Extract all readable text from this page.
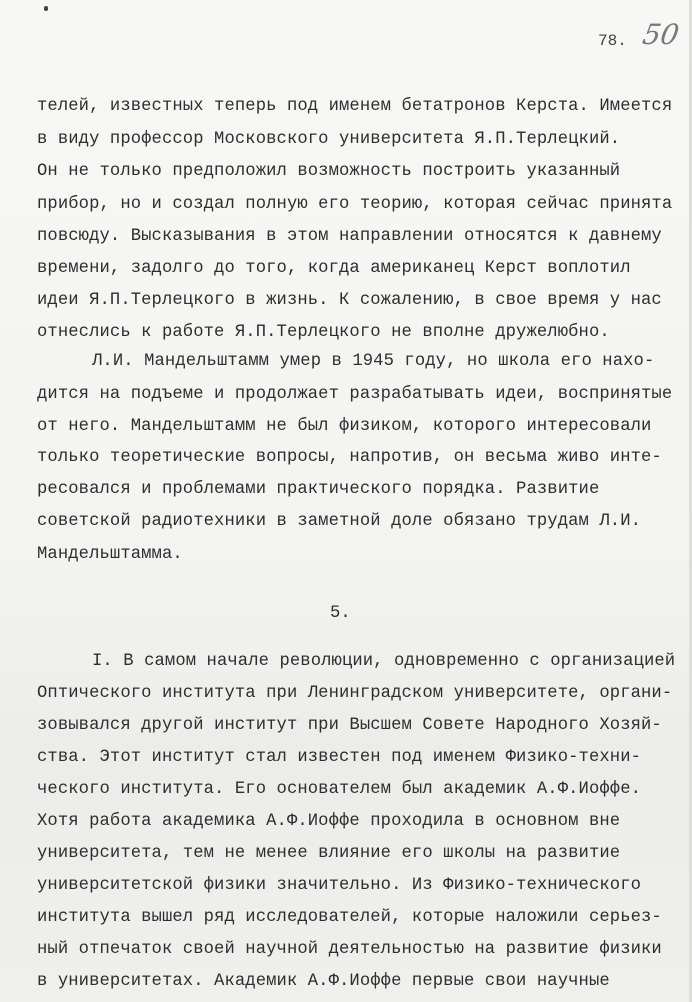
78. 50
телей, известных теперь под именем бетатронов Керста. Имеется
в виду профессор Московского университета Я.П.Терлецкий.
Он не только предположил возможность построить указанный
прибор, но и создал полную его теорию, которая сейчас принята
повсюду. Высказывания в этом направлении относятся к давнему
времени, задолго до того, когда американец Керст воплотил
идеи Я.П.Терлецкого в жизнь. К сожалению, в свое время у нас
отнеслись к работе Я.П.Терлецкого не вполне дружелюбно.
Л.И. Мандельштамм умер в 1945 году, но школа его нахо-
дится на подъеме и продолжает разрабатывать идеи, воспринятые
от него. Мандельштамм не был физиком, которого интересовали
только теоретические вопросы, напротив, он весьма живо инте-
ресовался и проблемами практического порядка. Развитие
советской радиотехники в заметной доле обязано трудам Л.И.
Мандельштамма.
5.
I. В самом начале революции, одновременно с организацией
Оптического института при Ленинградском университете, органи-
зовывался другой институт при Высшем Совете Народного Хозяй-
ства. Этот институт стал известен под именем Физико-техни-
ческого института. Его основателем был академик А.Ф.Иоффе.
Хотя работа академика А.Ф.Иоффе проходила в основном вне
университета, тем не менее влияние его школы на развитие
университетской физики значительно. Из Физико-технического
института вышел ряд исследователей, которые наложили серьез-
ный отпечаток своей научной деятельностью на развитие физики
в университетах. Академик А.Ф.Иоффе первые свои научные
